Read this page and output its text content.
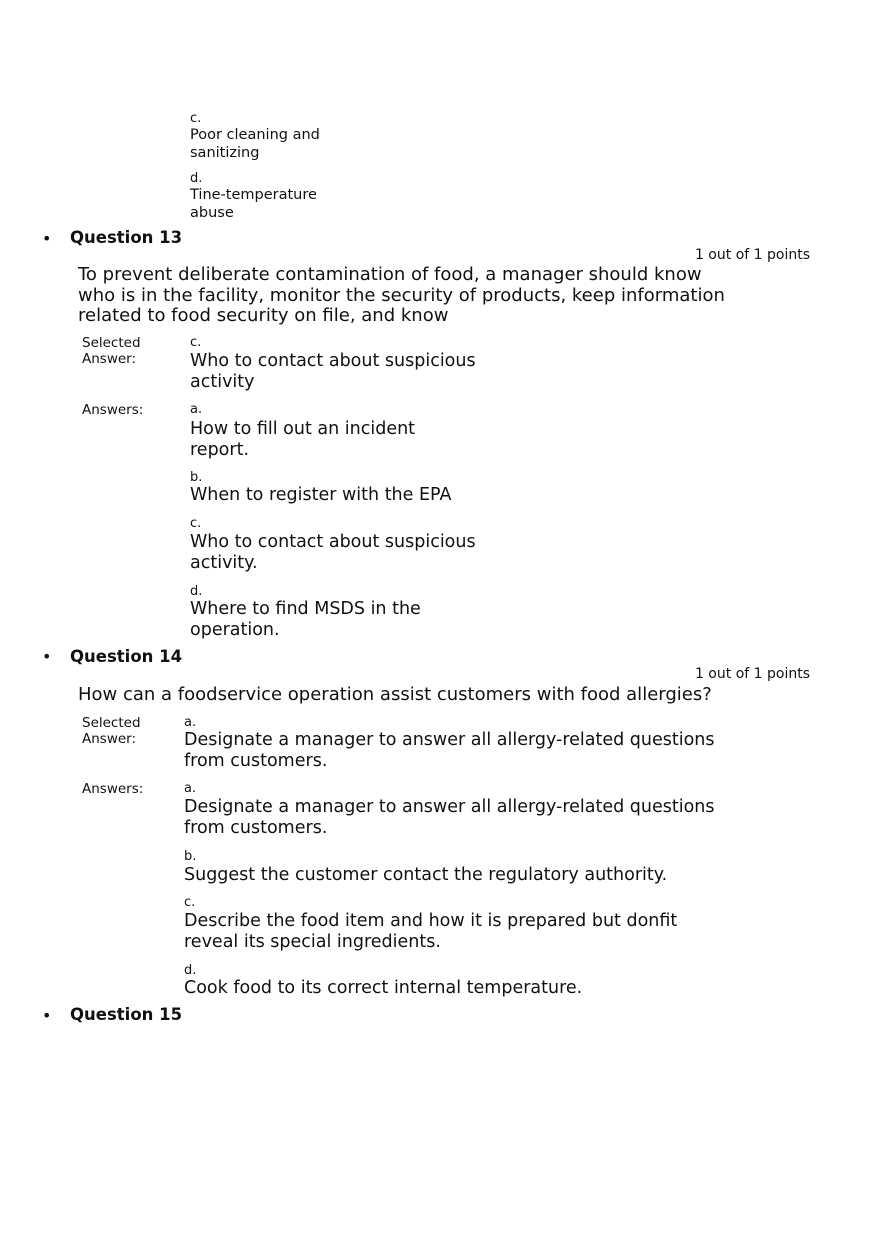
c.
Poor cleaning and sanitizing
d.
Tine-temperature abuse
• Question 13
1 out of 1 points
To prevent deliberate contamination of food, a manager should know who is in the facility, monitor the security of products, keep information related to food security on file, and know
Selected Answer:
c.
Who to contact about suspicious activity
Answers:	a.
How to fill out an incident report.
b.
When to register with the EPA
c.
Who to contact about suspicious activity.
d.
Where to find MSDS in the operation.
• Question 14
1 out of 1 points
How can a foodservice operation assist customers with food allergies?
Selected Answer:
a.
Designate a manager to answer all allergy-related questions from customers.
Answers:	a.
Designate a manager to answer all allergy-related questions from customers.
b.
Suggest the customer contact the regulatory authority.
c.
Describe the food item and how it is prepared but donfit reveal its special ingredients.
d.
Cook food to its correct internal temperature.
• Question 15
